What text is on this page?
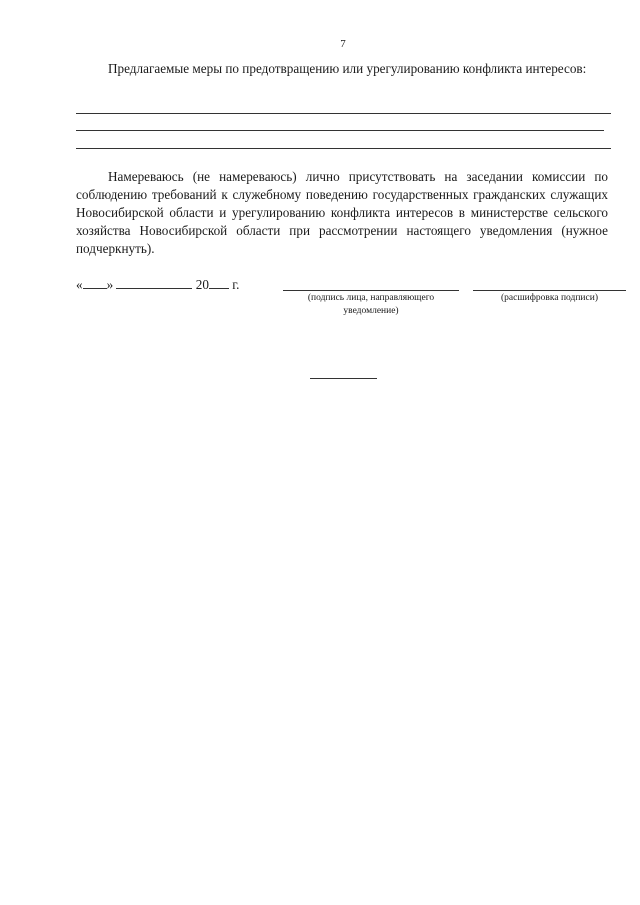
7

Предлагаемые меры по предотвращению или урегулированию конфликта интересов:

Намереваюсь (не намереваюсь) лично присутствовать на заседании комиссии по соблюдению требований к служебному поведению государственных гражданских служащих Новосибирской области и урегулированию конфликта интересов в министерстве сельского хозяйства Новосибирской области при рассмотрении настоящего уведомления (нужное подчеркнуть).

« »	20 г.
(подпись лица, направляющего уведомление)
(расшифровка подписи)
